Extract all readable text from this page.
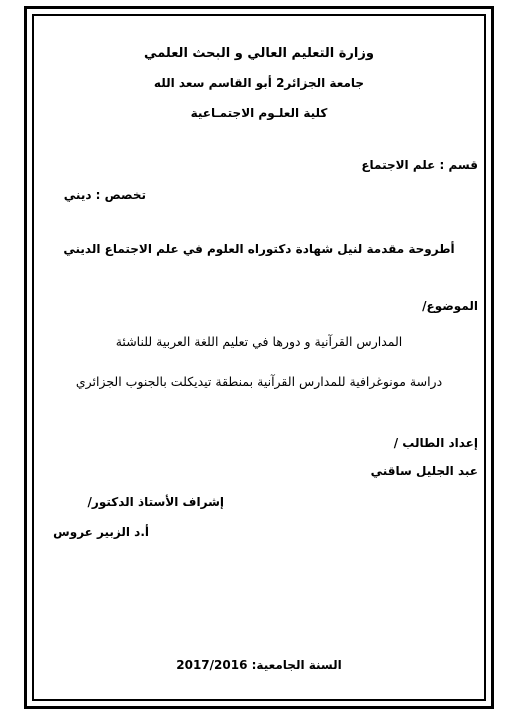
وزارة التعليم العالي و البحث العلمي
جامعة الجزائر2 أبو القاسم سعد الله
كلية العلـوم الاجتمـاعية
قسم : علم الاجتماع
تخصص : ديني
أطروحة مقدمة لنيل شهادة دكتوراه العلوم في علم الاجتماع الديني
الموضوع/
المدارس القرآنية و دورها في تعليم اللغة العربية للناشئة
دراسة مونوغرافية للمدارس القرآنية بمنطقة تيديكلت بالجنوب الجزائري
إعداد الطالب /
عبد الجليل ساقني
إشراف الأستاذ الدكتور/
أ.د الزبير عروس
السنة الجامعية: 2017/2016
